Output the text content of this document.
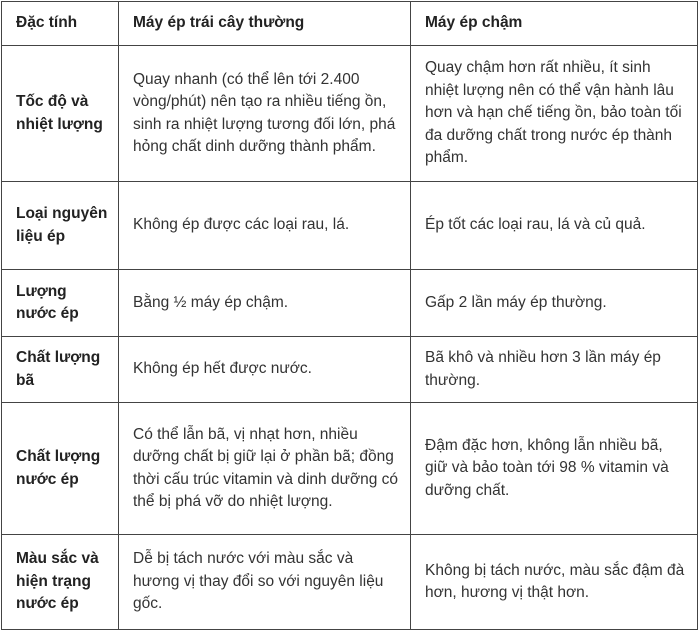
Đặc tính	Máy ép trái cây thường	Máy ép chậm
Tốc độ và nhiệt lượng	Quay nhanh (có thể lên tới 2.400 vòng/phút) nên tạo ra nhiều tiếng ồn, sinh ra nhiệt lượng tương đối lớn, phá hỏng chất dinh dưỡng thành phẩm.	Quay chậm hơn rất nhiều, ít sinh nhiệt lượng nên có thể vận hành lâu hơn và hạn chế tiếng ồn, bảo toàn tối đa dưỡng chất trong nước ép thành phẩm.
Loại nguyên liệu ép	Không ép được các loại rau, lá.	Ép tốt các loại rau, lá và củ quả.
Lượng nước ép	Bằng ½ máy ép chậm.	Gấp 2 lần máy ép thường.
Chất lượng bã	Không ép hết được nước.	Bã khô và nhiều hơn 3 lần máy ép thường.
Chất lượng nước ép	Có thể lẫn bã, vị nhạt hơn, nhiều dưỡng chất bị giữ lại ở phần bã; đồng thời cấu trúc vitamin và dinh dưỡng có thể bị phá vỡ do nhiệt lượng.	Đậm đặc hơn, không lẫn nhiều bã, giữ và bảo toàn tới 98 % vitamin và dưỡng chất.
Màu sắc và hiện trạng nước ép	Dễ bị tách nước với màu sắc và hương vị thay đổi so với nguyên liệu gốc.	Không bị tách nước, màu sắc đậm đà hơn, hương vị thật hơn.
